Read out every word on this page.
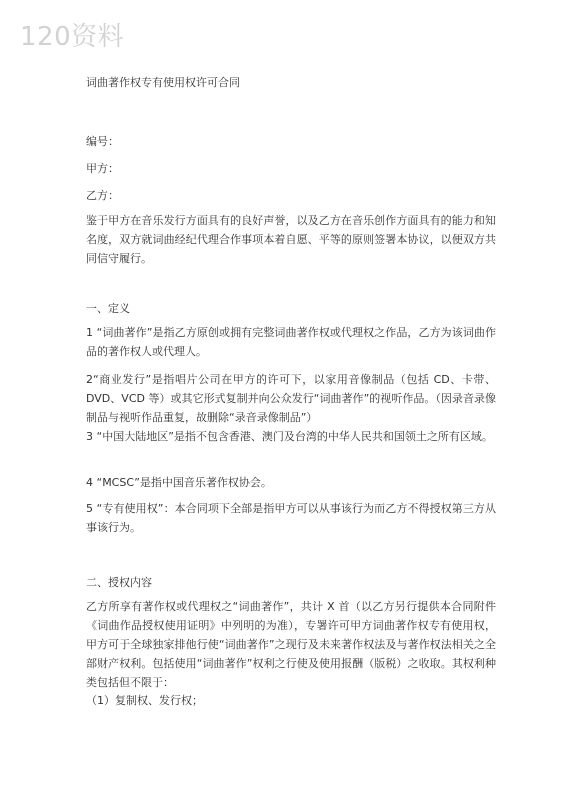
120资料
词曲著作权专有使用权许可合同
编号：
甲方：
乙方：
鉴于甲方在音乐发行方面具有的良好声誉，以及乙方在音乐创作方面具有的能力和知名度，双方就词曲经纪代理合作事项本着自愿、平等的原则签署本协议，以便双方共同信守履行。
一、定义
1 “词曲著作”是指乙方原创或拥有完整词曲著作权或代理权之作品，乙方为该词曲作品的著作权人或代理人。
2“商业发行”是指唱片公司在甲方的许可下，以家用音像制品（包括 CD、卡带、DVD、VCD 等）或其它形式复制并向公众发行“词曲著作”的视听作品。（因录音录像制品与视听作品重复，故删除“录音录像制品”）
3 “中国大陆地区”是指不包含香港、澳门及台湾的中华人民共和国领土之所有区域。
4 “MCSC”是指中国音乐著作权协会。
5 “专有使用权”：本合同项下全部是指甲方可以从事该行为而乙方不得授权第三方从事该行为。
二、授权内容
乙方所享有著作权或代理权之“词曲著作”，共计 X 首（以乙方另行提供本合同附件《词曲作品授权使用证明》中列明的为准），专署许可甲方词曲著作权专有使用权，甲方可于全球独家排他行使“词曲著作”之现行及未来著作权法及与著作权法相关之全部财产权利。包括使用“词曲著作”权利之行使及使用报酬（版税）之收取。其权利种类包括但不限于：
（1）复制权、发行权；
